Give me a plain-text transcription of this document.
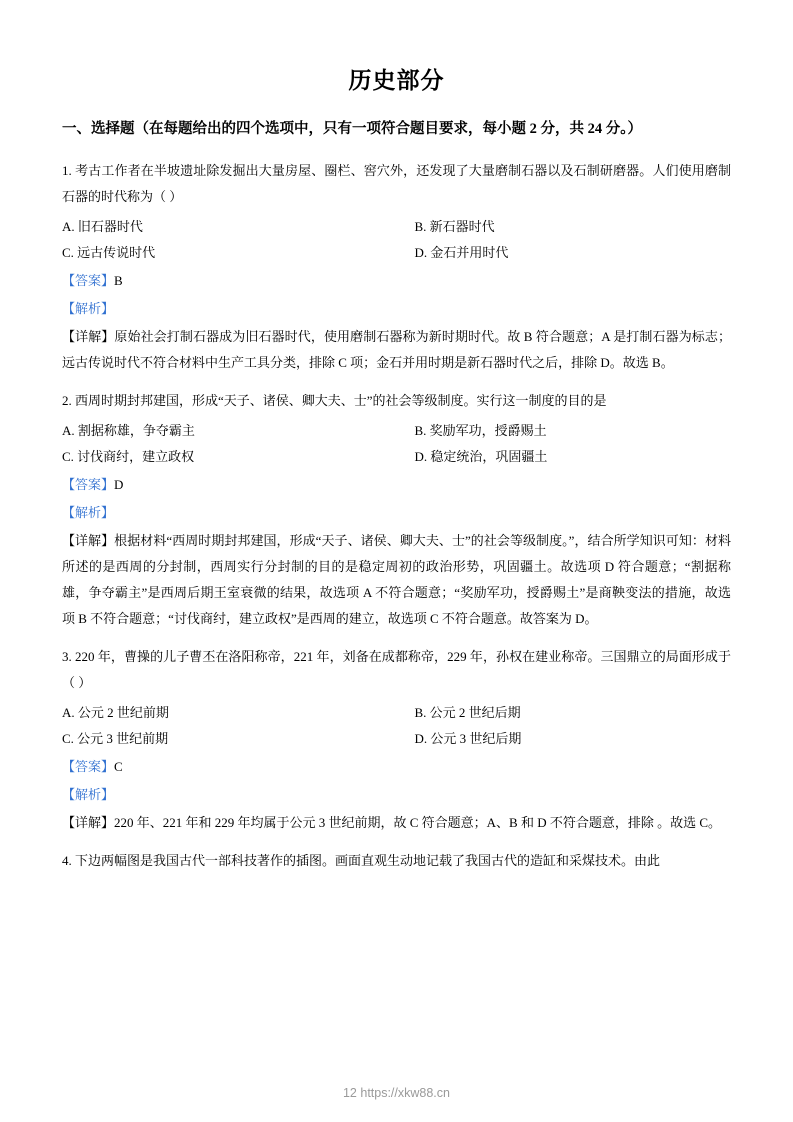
历史部分
一、选择题（在每题给出的四个选项中，只有一项符合题目要求，每小题 2 分，共 24 分。）
1. 考古工作者在半坡遗址除发掘出大量房屋、圈栏、窖穴外，还发现了大量磨制石器以及石制研磨器。人们使用磨制石器的时代称为（ ）
A. 旧石器时代	B. 新石器时代
C. 远古传说时代	D. 金石并用时代
【答案】B
【解析】
【详解】原始社会打制石器成为旧石器时代，使用磨制石器称为新时期时代。故 B 符合题意；A 是打制石器为标志；远古传说时代不符合材料中生产工具分类，排除 C 项；金石并用时期是新石器时代之后，排除 D。故选 B。
2. 西周时期封邦建国，形成“天子、诸侯、卿大夫、士”的社会等级制度。实行这一制度的目的是
A. 割据称雄，争夺霸主	B. 奖励军功，授爵赐土
C. 讨伐商纣，建立政权	D. 稳定统治，巩固疆土
【答案】D
【解析】
【详解】根据材料“西周时期封邦建国，形成“天子、诸侯、卿大夫、士”的社会等级制度。”，结合所学知识可知：材料所述的是西周的分封制，西周实行分封制的目的是稳定周初的政治形势，巩固疆土。故选项 D 符合题意；“割据称雄，争夺霸主”是西周后期王室衰微的结果，故选项 A 不符合题意；“奖励军功，授爵赐土”是商鞅变法的措施，故选项 B 不符合题意；“讨伐商纣，建立政权”是西周的建立，故选项 C 不符合题意。故答案为 D。
3. 220 年，曹操的儿子曹丕在洛阳称帝，221 年，刘备在成都称帝，229 年，孙权在建业称帝。三国鼎立的局面形成于（ ）
A. 公元 2 世纪前期	B. 公元 2 世纪后期
C. 公元 3 世纪前期	D. 公元 3 世纪后期
【答案】C
【解析】
【详解】220 年、221 年和 229 年均属于公元 3 世纪前期，故 C 符合题意；A、B 和 D 不符合题意，排除 。故选 C。
4. 下边两幅图是我国古代一部科技著作的插图。画面直观生动地记载了我国古代的造缸和采煤技术。由此
12 https://xkw88.cn
